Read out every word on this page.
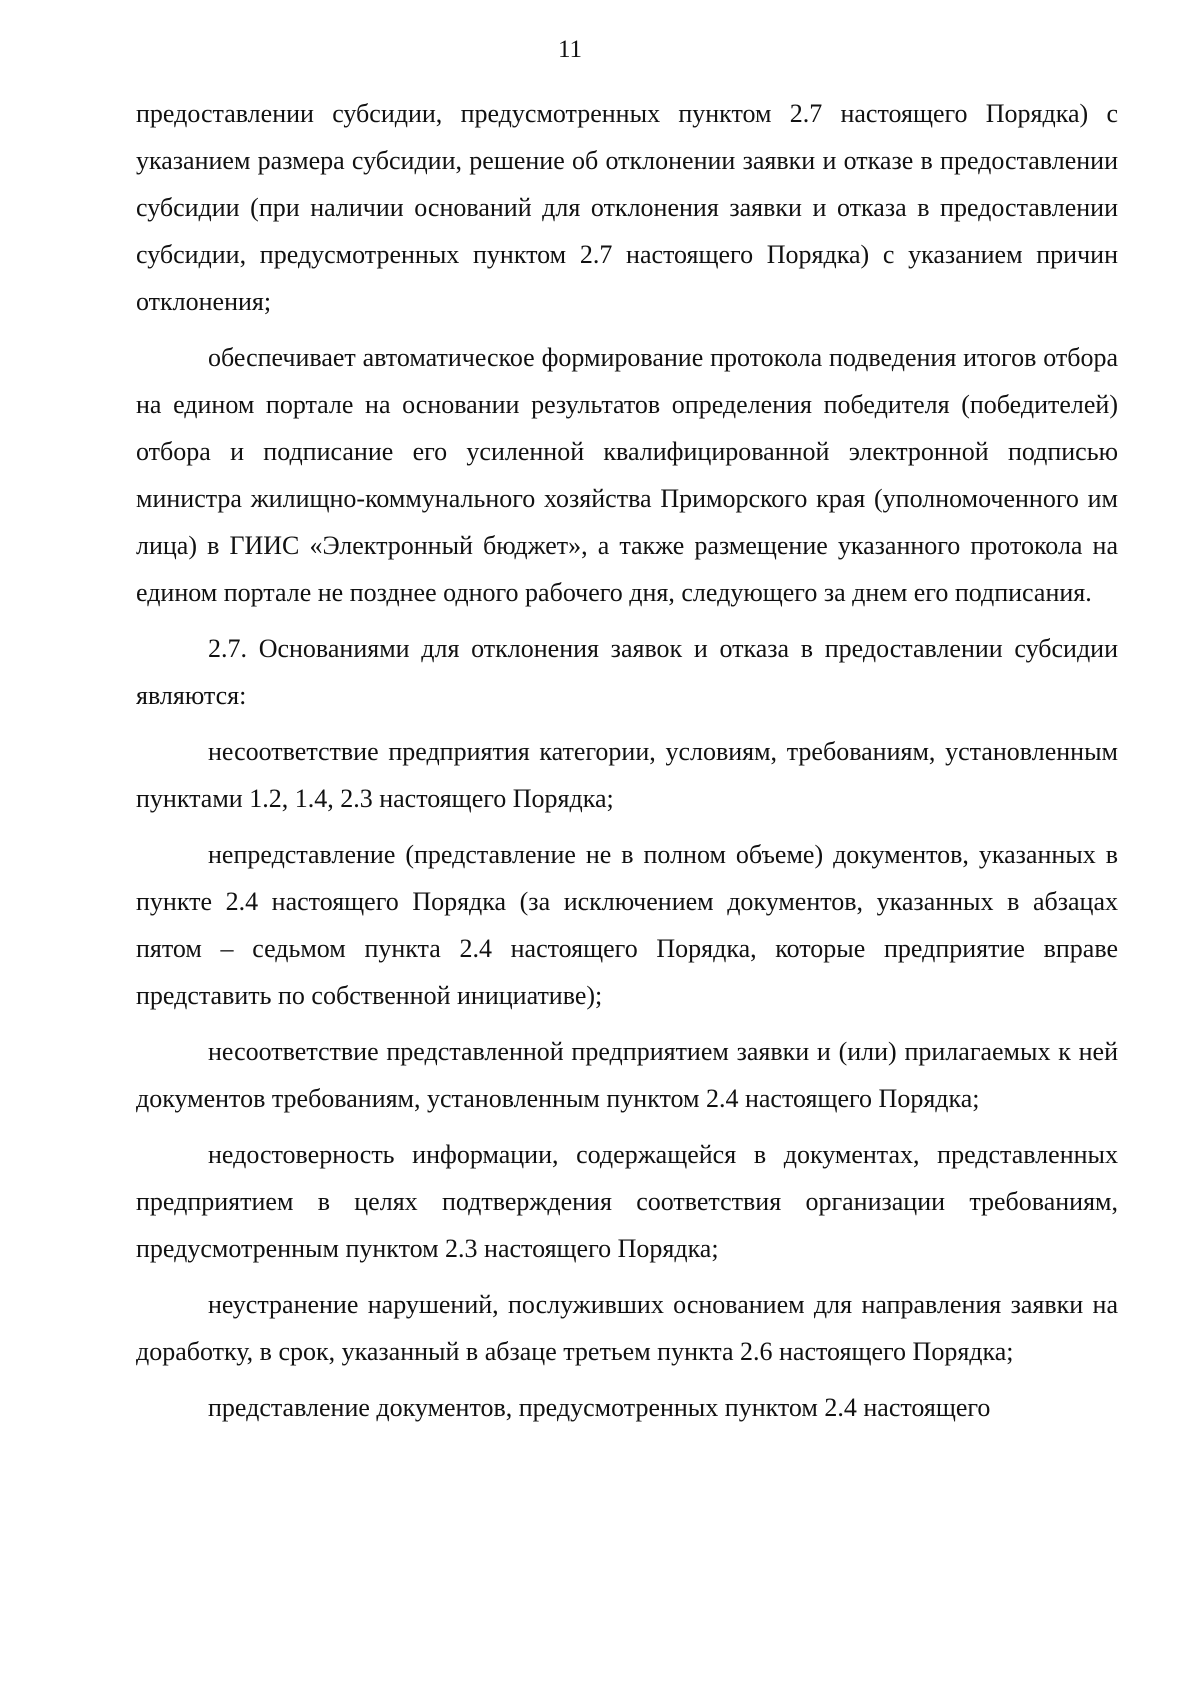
11

предоставлении субсидии, предусмотренных пунктом 2.7 настоящего Порядка) с указанием размера субсидии, решение об отклонении заявки и отказе в предоставлении субсидии (при наличии оснований для отклонения заявки и отказа в предоставлении субсидии, предусмотренных пунктом 2.7 настоящего Порядка) с указанием причин отклонения;

обеспечивает автоматическое формирование протокола подведения итогов отбора на едином портале на основании результатов определения победителя (победителей) отбора и подписание его усиленной квалифицированной электронной подписью министра жилищно-коммунального хозяйства Приморского края (уполномоченного им лица) в ГИИС «Электронный бюджет», а также размещение указанного протокола на едином портале не позднее одного рабочего дня, следующего за днем его подписания.

2.7. Основаниями для отклонения заявок и отказа в предоставлении субсидии являются:

несоответствие предприятия категории, условиям, требованиям, установленным пунктами 1.2, 1.4, 2.3 настоящего Порядка;

непредставление (представление не в полном объеме) документов, указанных в пункте 2.4 настоящего Порядка (за исключением документов, указанных в абзацах пятом – седьмом пункта 2.4 настоящего Порядка, которые предприятие вправе представить по собственной инициативе);

несоответствие представленной предприятием заявки и (или) прилагаемых к ней документов требованиям, установленным пунктом 2.4 настоящего Порядка;

недостоверность информации, содержащейся в документах, представленных предприятием в целях подтверждения соответствия организации требованиям, предусмотренным пунктом 2.3 настоящего Порядка;

неустранение нарушений, послуживших основанием для направления заявки на доработку, в срок, указанный в абзаце третьем пункта 2.6 настоящего Порядка;

представление документов, предусмотренных пунктом 2.4 настоящего
